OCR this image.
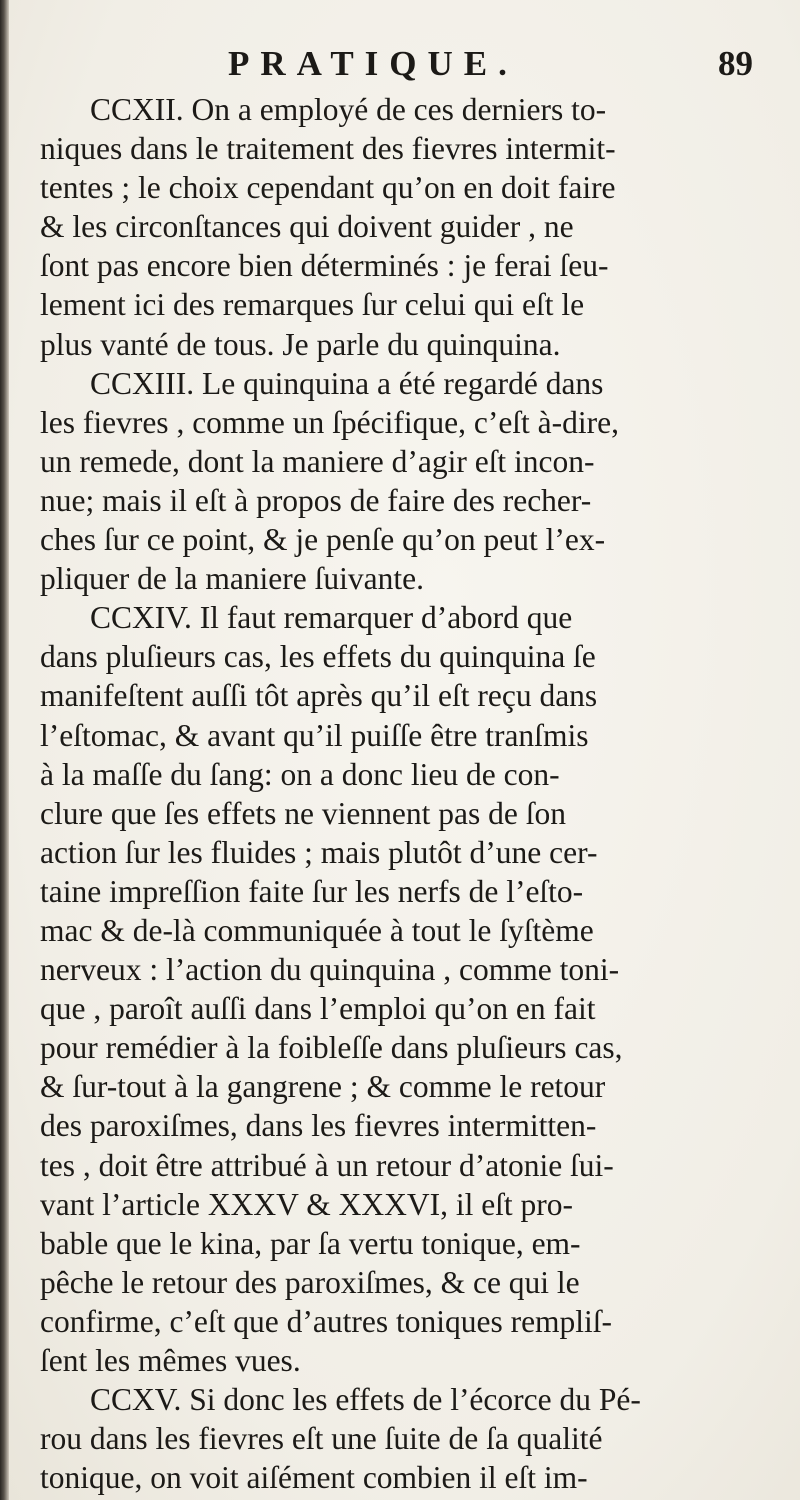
PRATIQUE.	89
CCXII. On a employé de ces derniers to-
niques dans le traitement des fievres intermit-
tentes ; le choix cependant qu’on en doit faire
& les circonſtances qui doivent guider , ne
ſont pas encore bien déterminés : je ferai ſeu-
lement ici des remarques ſur celui qui eſt le
plus vanté de tous. Je parle du quinquina.
CCXIII. Le quinquina a été regardé dans
les fievres , comme un ſpécifique, c’eſt à-dire,
un remede, dont la maniere d’agir eſt incon-
nue; mais il eſt à propos de faire des recher-
ches ſur ce point, & je penſe qu’on peut l’ex-
pliquer de la maniere ſuivante.
CCXIV. Il faut remarquer d’abord que
dans pluſieurs cas, les effets du quinquina ſe
manifeſtent auſſi tôt après qu’il eſt reçu dans
l’eſtomac, & avant qu’il puiſſe être tranſmis
à la maſſe du ſang: on a donc lieu de con-
clure que ſes effets ne viennent pas de ſon
action ſur les fluides ; mais plutôt d’une cer-
taine impreſſion faite ſur les nerfs de l’eſto-
mac & de-là communiquée à tout le ſyſtème
nerveux : l’action du quinquina , comme toni-
que , paroît auſſi dans l’emploi qu’on en fait
pour remédier à la foibleſſe dans pluſieurs cas,
& ſur-tout à la gangrene ; & comme le retour
des paroxiſmes, dans les fievres intermitten-
tes , doit être attribué à un retour d’atonie ſui-
vant l’article XXXV & XXXVI, il eſt pro-
bable que le kina, par ſa vertu tonique, em-
pêche le retour des paroxiſmes, & ce qui le
confirme, c’eſt que d’autres toniques rempliſ-
ſent les mêmes vues.
CCXV. Si donc les effets de l’écorce du Pé-
rou dans les fievres eſt une ſuite de ſa qualité
tonique, on voit aiſément combien il eſt im-
